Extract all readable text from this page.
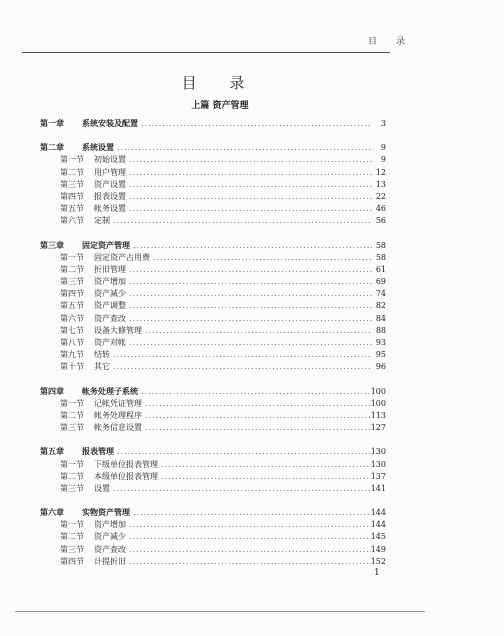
目 录
目 录
上篇 资产管理
第一章 系统安装及配置 .....	3
第二章 系统设置 .....	9
第一节 初始设置 .....	9
第二节 用户管理 .....	12
第三节 资产设置 .....	13
第四节 报表设置 .....	22
第五节 帐务设置 .....	46
第六节 定制 .....	56
第三章 固定资产管理 .....	58
第一节 固定资产占用费 .....	58
第二节 折旧管理 .....	61
第三节 资产增加 .....	69
第四节 资产减少 .....	74
第五节 资产调整 .....	82
第六节 资产查改 .....	84
第七节 设备大修管理 .....	88
第八节 资产对帐 .....	93
第九节 结转 .....	95
第十节 其它 .....	96
第四章 帐务处理子系统 .....	100
第一节 记帐凭证管理 .....	100
第二节 帐务处理程序 .....	113
第三节 帐务信息设置 .....	127
第五章 报表管理 .....	130
第一节 下级单位报表管理 .....	130
第二节 本级单位报表管理 .....	137
第三节 设置 .....	141
第六章 实物资产管理 .....	144
第一节 资产增加 .....	144
第二节 资产减少 .....	145
第三节 资产查改 .....	149
第四节 计提折旧 .....	152
1
